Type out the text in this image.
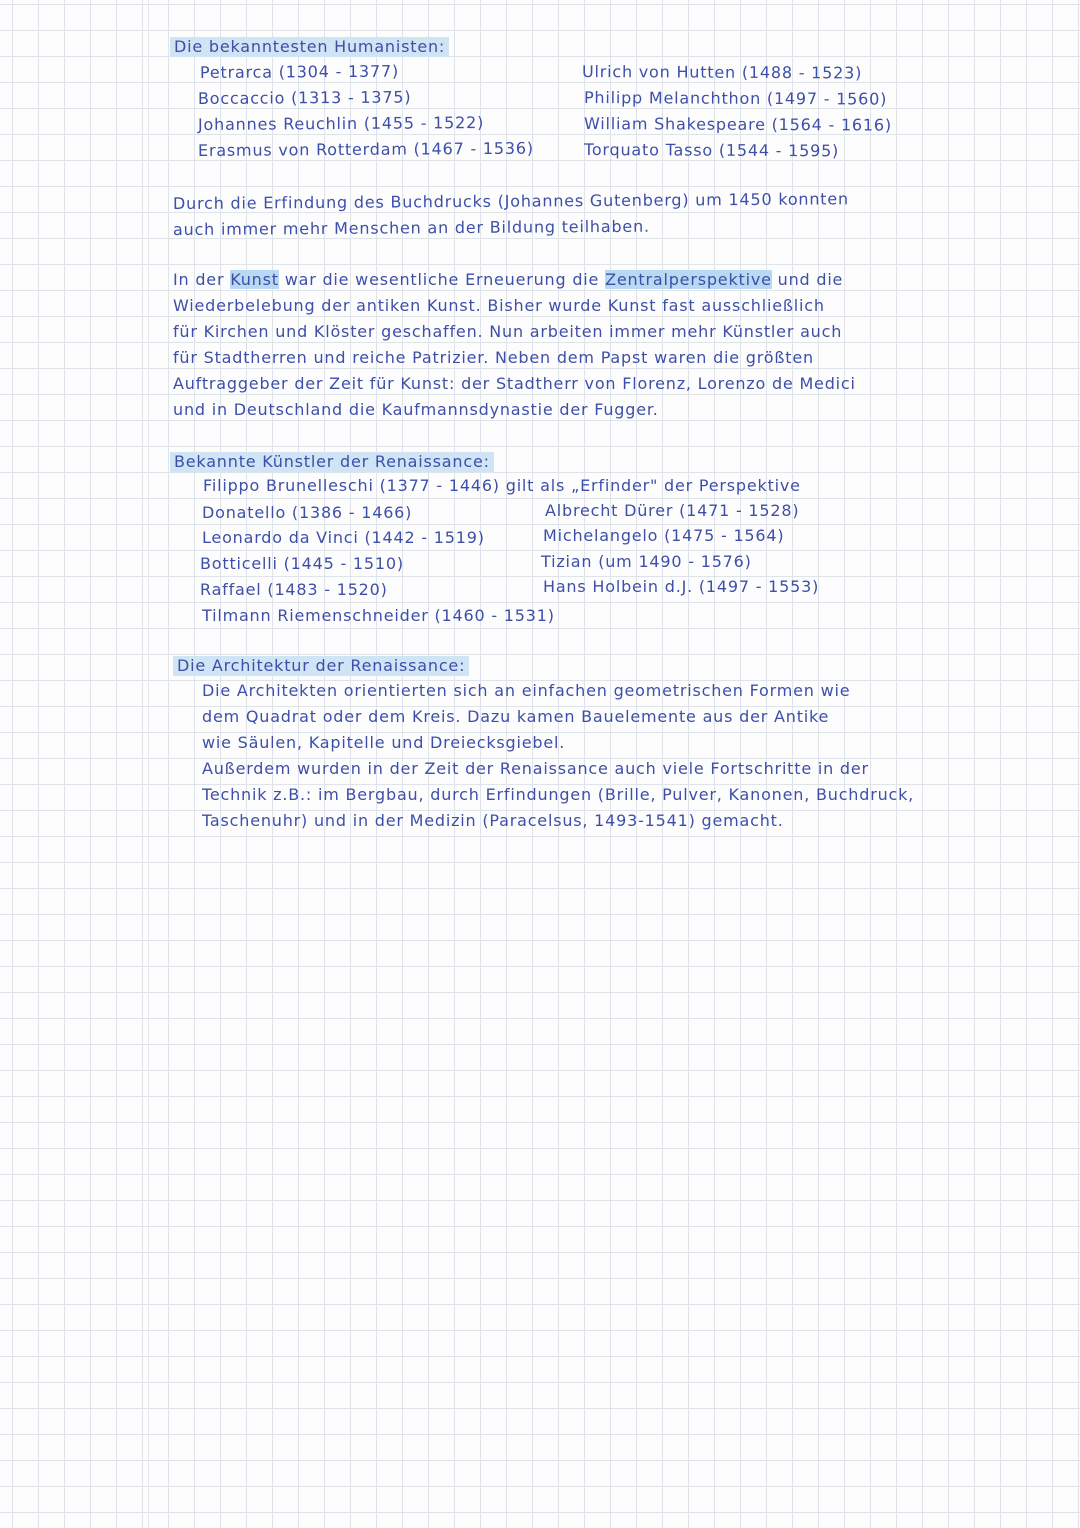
Die bekanntesten Humanisten:
Petrarca (1304 - 1377)
Boccaccio (1313 - 1375)
Johannes Reuchlin (1455 - 1522)
Erasmus von Rotterdam (1467 - 1536)
Ulrich von Hutten (1488 - 1523)
Philipp Melanchthon (1497 - 1560)
William Shakespeare (1564 - 1616)
Torquato Tasso (1544 - 1595)
Durch die Erfindung des Buchdrucks (Johannes Gutenberg) um 1450 konnten
auch immer mehr Menschen an der Bildung teilhaben.
In der Kunst war die wesentliche Erneuerung die Zentralperspektive und die
Wiederbelebung der antiken Kunst. Bisher wurde Kunst fast ausschließlich
für Kirchen und Klöster geschaffen. Nun arbeiten immer mehr Künstler auch
für Stadtherren und reiche Patrizier. Neben dem Papst waren die größten
Auftraggeber der Zeit für Kunst: der Stadtherr von Florenz, Lorenzo de Medici
und in Deutschland die Kaufmannsdynastie der Fugger.
Bekannte Künstler der Renaissance:
Filippo Brunelleschi (1377 - 1446) gilt als „Erfinder" der Perspektive
Donatello (1386 - 1466)
Leonardo da Vinci (1442 - 1519)
Botticelli (1445 - 1510)
Raffael (1483 - 1520)
Tilmann Riemenschneider (1460 - 1531)
Albrecht Dürer (1471 - 1528)
Michelangelo (1475 - 1564)
Tizian (um 1490 - 1576)
Hans Holbein d.J. (1497 - 1553)
Die Architektur der Renaissance:
Die Architekten orientierten sich an einfachen geometrischen Formen wie
dem Quadrat oder dem Kreis. Dazu kamen Bauelemente aus der Antike
wie Säulen, Kapitelle und Dreiecksgiebel.
Außerdem wurden in der Zeit der Renaissance auch viele Fortschritte in der
Technik z.B.: im Bergbau, durch Erfindungen (Brille, Pulver, Kanonen, Buchdruck,
Taschenuhr) und in der Medizin (Paracelsus, 1493-1541) gemacht.
